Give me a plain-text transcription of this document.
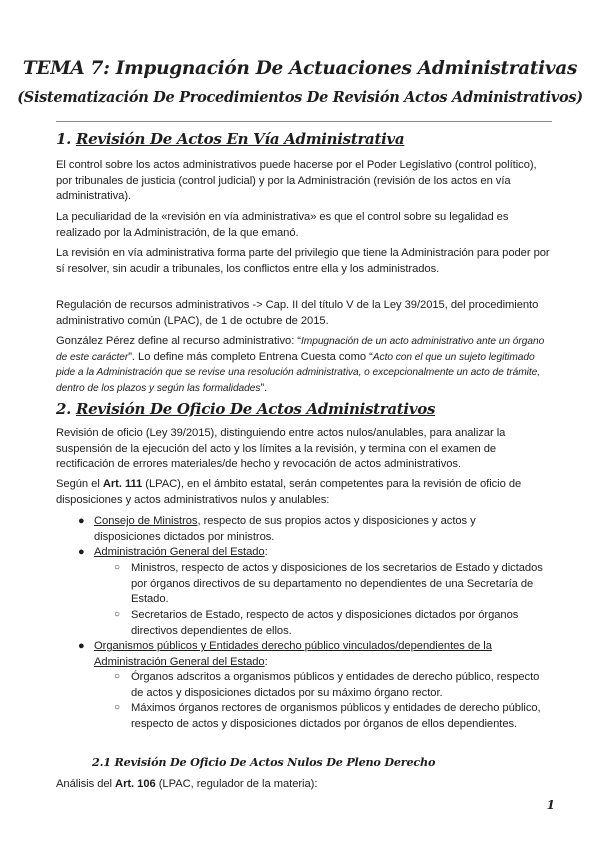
TEMA 7: Impugnación De Actuaciones Administrativas
(Sistematización De Procedimientos De Revisión Actos Administrativos)
1. Revisión De Actos En Vía Administrativa
El control sobre los actos administrativos puede hacerse por el Poder Legislativo (control político), por tribunales de justicia (control judicial) y por la Administración (revisión de los actos en vía administrativa).
La peculiaridad de la «revisión en vía administrativa» es que el control sobre su legalidad es realizado por la Administración, de la que emanó.
La revisión en vía administrativa forma parte del privilegio que tiene la Administración para poder por sí resolver, sin acudir a tribunales, los conflictos entre ella y los administrados.
Regulación de recursos administrativos -> Cap. II del título V de la Ley 39/2015, del procedimiento administrativo común (LPAC), de 1 de octubre de 2015.
González Pérez define al recurso administrativo: “Impugnación de un acto administrativo ante un órgano de este carácter”. Lo define más completo Entrena Cuesta como “Acto con el que un sujeto legitimado pide a la Administración que se revise una resolución administrativa, o excepcionalmente un acto de trámite, dentro de los plazos y según las formalidades”.
2. Revisión De Oficio De Actos Administrativos
Revisión de oficio (Ley 39/2015), distinguiendo entre actos nulos/anulables, para analizar la suspensión de la ejecución del acto y los límites a la revisión, y termina con el examen de rectificación de errores materiales/de hecho y revocación de actos administrativos.
Según el Art. 111 (LPAC), en el ámbito estatal, serán competentes para la revisión de oficio de disposiciones y actos administrativos nulos y anulables:
● Consejo de Ministros, respecto de sus propios actos y disposiciones y actos y disposiciones dictados por ministros.
● Administración General del Estado:
○ Ministros, respecto de actos y disposiciones de los secretarios de Estado y dictados por órganos directivos de su departamento no dependientes de una Secretaría de Estado.
○ Secretarios de Estado, respecto de actos y disposiciones dictados por órganos directivos dependientes de ellos.
● Organismos públicos y Entidades derecho público vinculados/dependientes de la Administración General del Estado:
○ Órganos adscritos a organismos públicos y entidades de derecho público, respecto de actos y disposiciones dictados por su máximo órgano rector.
○ Máximos órganos rectores de organismos públicos y entidades de derecho público, respecto de actos y disposiciones dictados por órganos de ellos dependientes.
2.1 Revisión De Oficio De Actos Nulos De Pleno Derecho
Análisis del Art. 106 (LPAC, regulador de la materia):
1
